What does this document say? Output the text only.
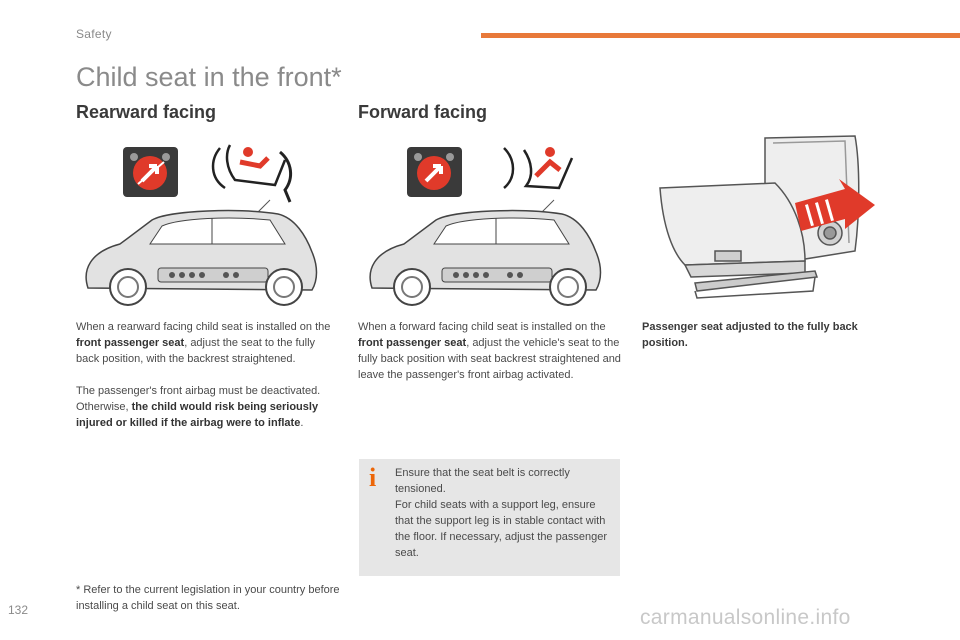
Safety
Child seat in the front*
Rearward facing	Forward facing

When a rearward facing child seat is installed on the front passenger seat, adjust the seat to the fully back position, with the backrest straightened.

The passenger's front airbag must be deactivated. Otherwise, the child would risk being seriously injured or killed if the airbag were to inflate.

When a forward facing child seat is installed on the front passenger seat, adjust the vehicle's seat to the fully back position with seat backrest straightened and leave the passenger's front airbag activated.

Passenger seat adjusted to the fully back position.

i	Ensure that the seat belt is correctly tensioned.
For child seats with a support leg, ensure that the support leg is in stable contact with the floor. If necessary, adjust the passenger seat.

* Refer to the current legislation in your country before installing a child seat on this seat.

132	carmanualsonline.info
